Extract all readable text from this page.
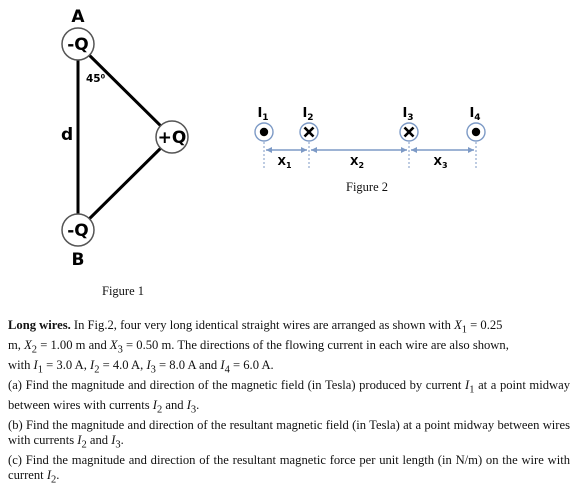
-Q
+Q
-Q
A
B
45⁰
d
Figure 1
$I_1$	$I_2$	$I_3$	$I_4$
$X_1$	$X_2$	$X_3$
Figure 2

Long wires. In Fig.2, four very long identical straight wires are arranged as shown with $X_1 = 0.25$
m, $X_2 = 1.00$ m and $X_3 = 0.50$ m. The directions of the flowing current in each wire are also shown,
with $I_1 = 3.0$ A, $I_2 = 4.0$ A, $I_3 = 8.0$ A and $I_4 = 6.0$ A.

(a) Find the magnitude and direction of the magnetic field (in Tesla) produced by current $I_1$ at a point midway between wires with currents $I_2$ and $I_3$.

(b) Find the magnitude and direction of the resultant magnetic field (in Tesla) at a point midway between wires with currents $I_2$ and $I_3$.

(c) Find the magnitude and direction of the resultant magnetic force per unit length (in N/m) on the wire with current $I_2$.
